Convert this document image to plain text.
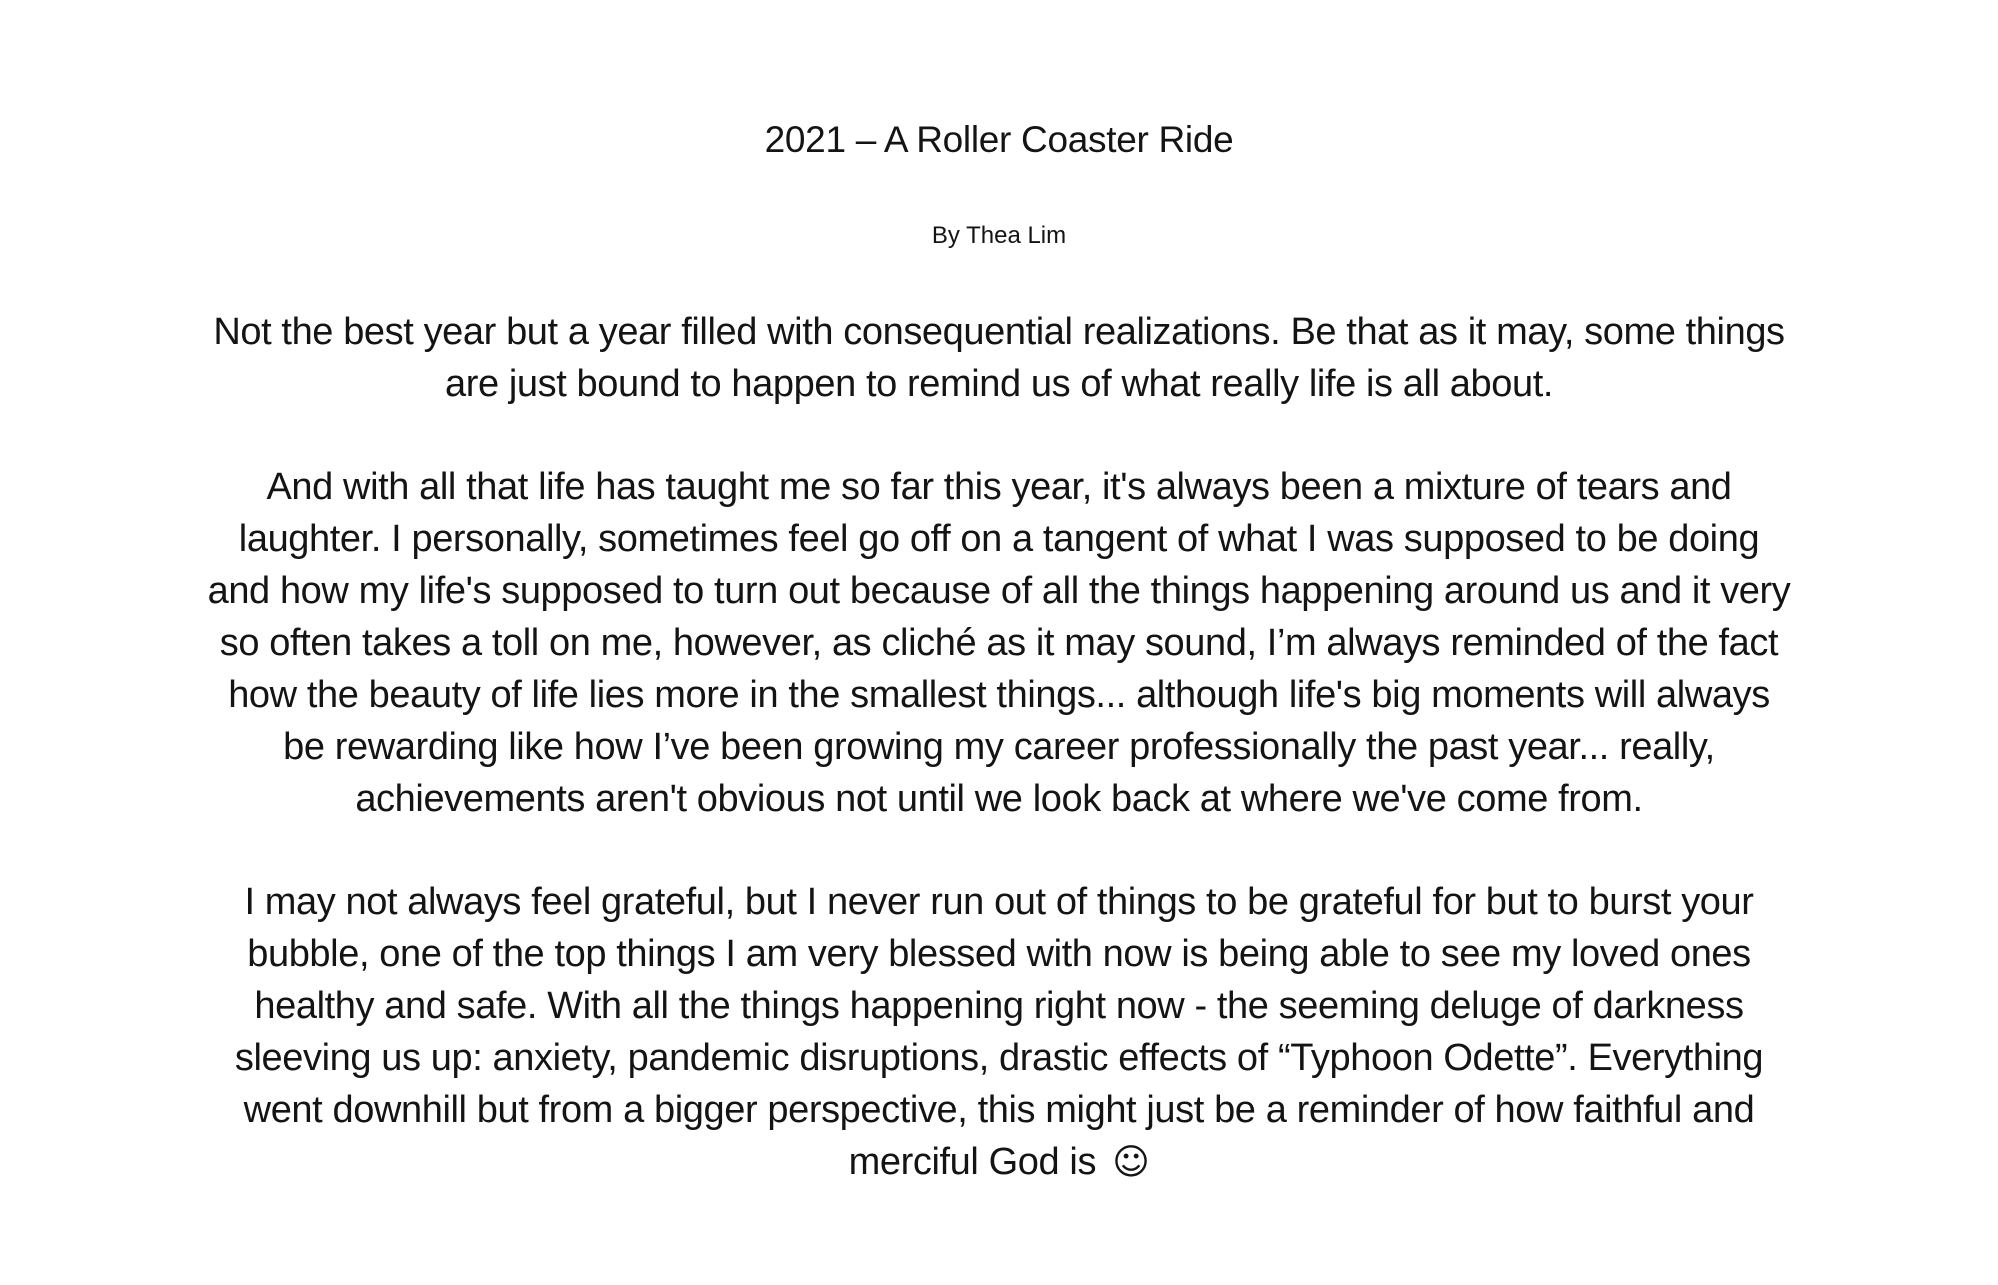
2021 – A Roller Coaster Ride

By Thea Lim

Not the best year but a year filled with consequential realizations. Be that as it may, some things
are just bound to happen to remind us of what really life is all about.

And with all that life has taught me so far this year, it's always been a mixture of tears and
laughter. I personally, sometimes feel go off on a tangent of what I was supposed to be doing
and how my life's supposed to turn out because of all the things happening around us and it very
so often takes a toll on me, however, as cliché as it may sound, I’m always reminded of the fact
how the beauty of life lies more in the smallest things... although life's big moments will always
be rewarding like how I’ve been growing my career professionally the past year... really,
achievements aren't obvious not until we look back at where we've come from.

I may not always feel grateful, but I never run out of things to be grateful for but to burst your
bubble, one of the top things I am very blessed with now is being able to see my loved ones
healthy and safe. With all the things happening right now - the seeming deluge of darkness
sleeving us up: anxiety, pandemic disruptions, drastic effects of “Typhoon Odette”. Everything
went downhill but from a bigger perspective, this might just be a reminder of how faithful and
merciful God is ☺
